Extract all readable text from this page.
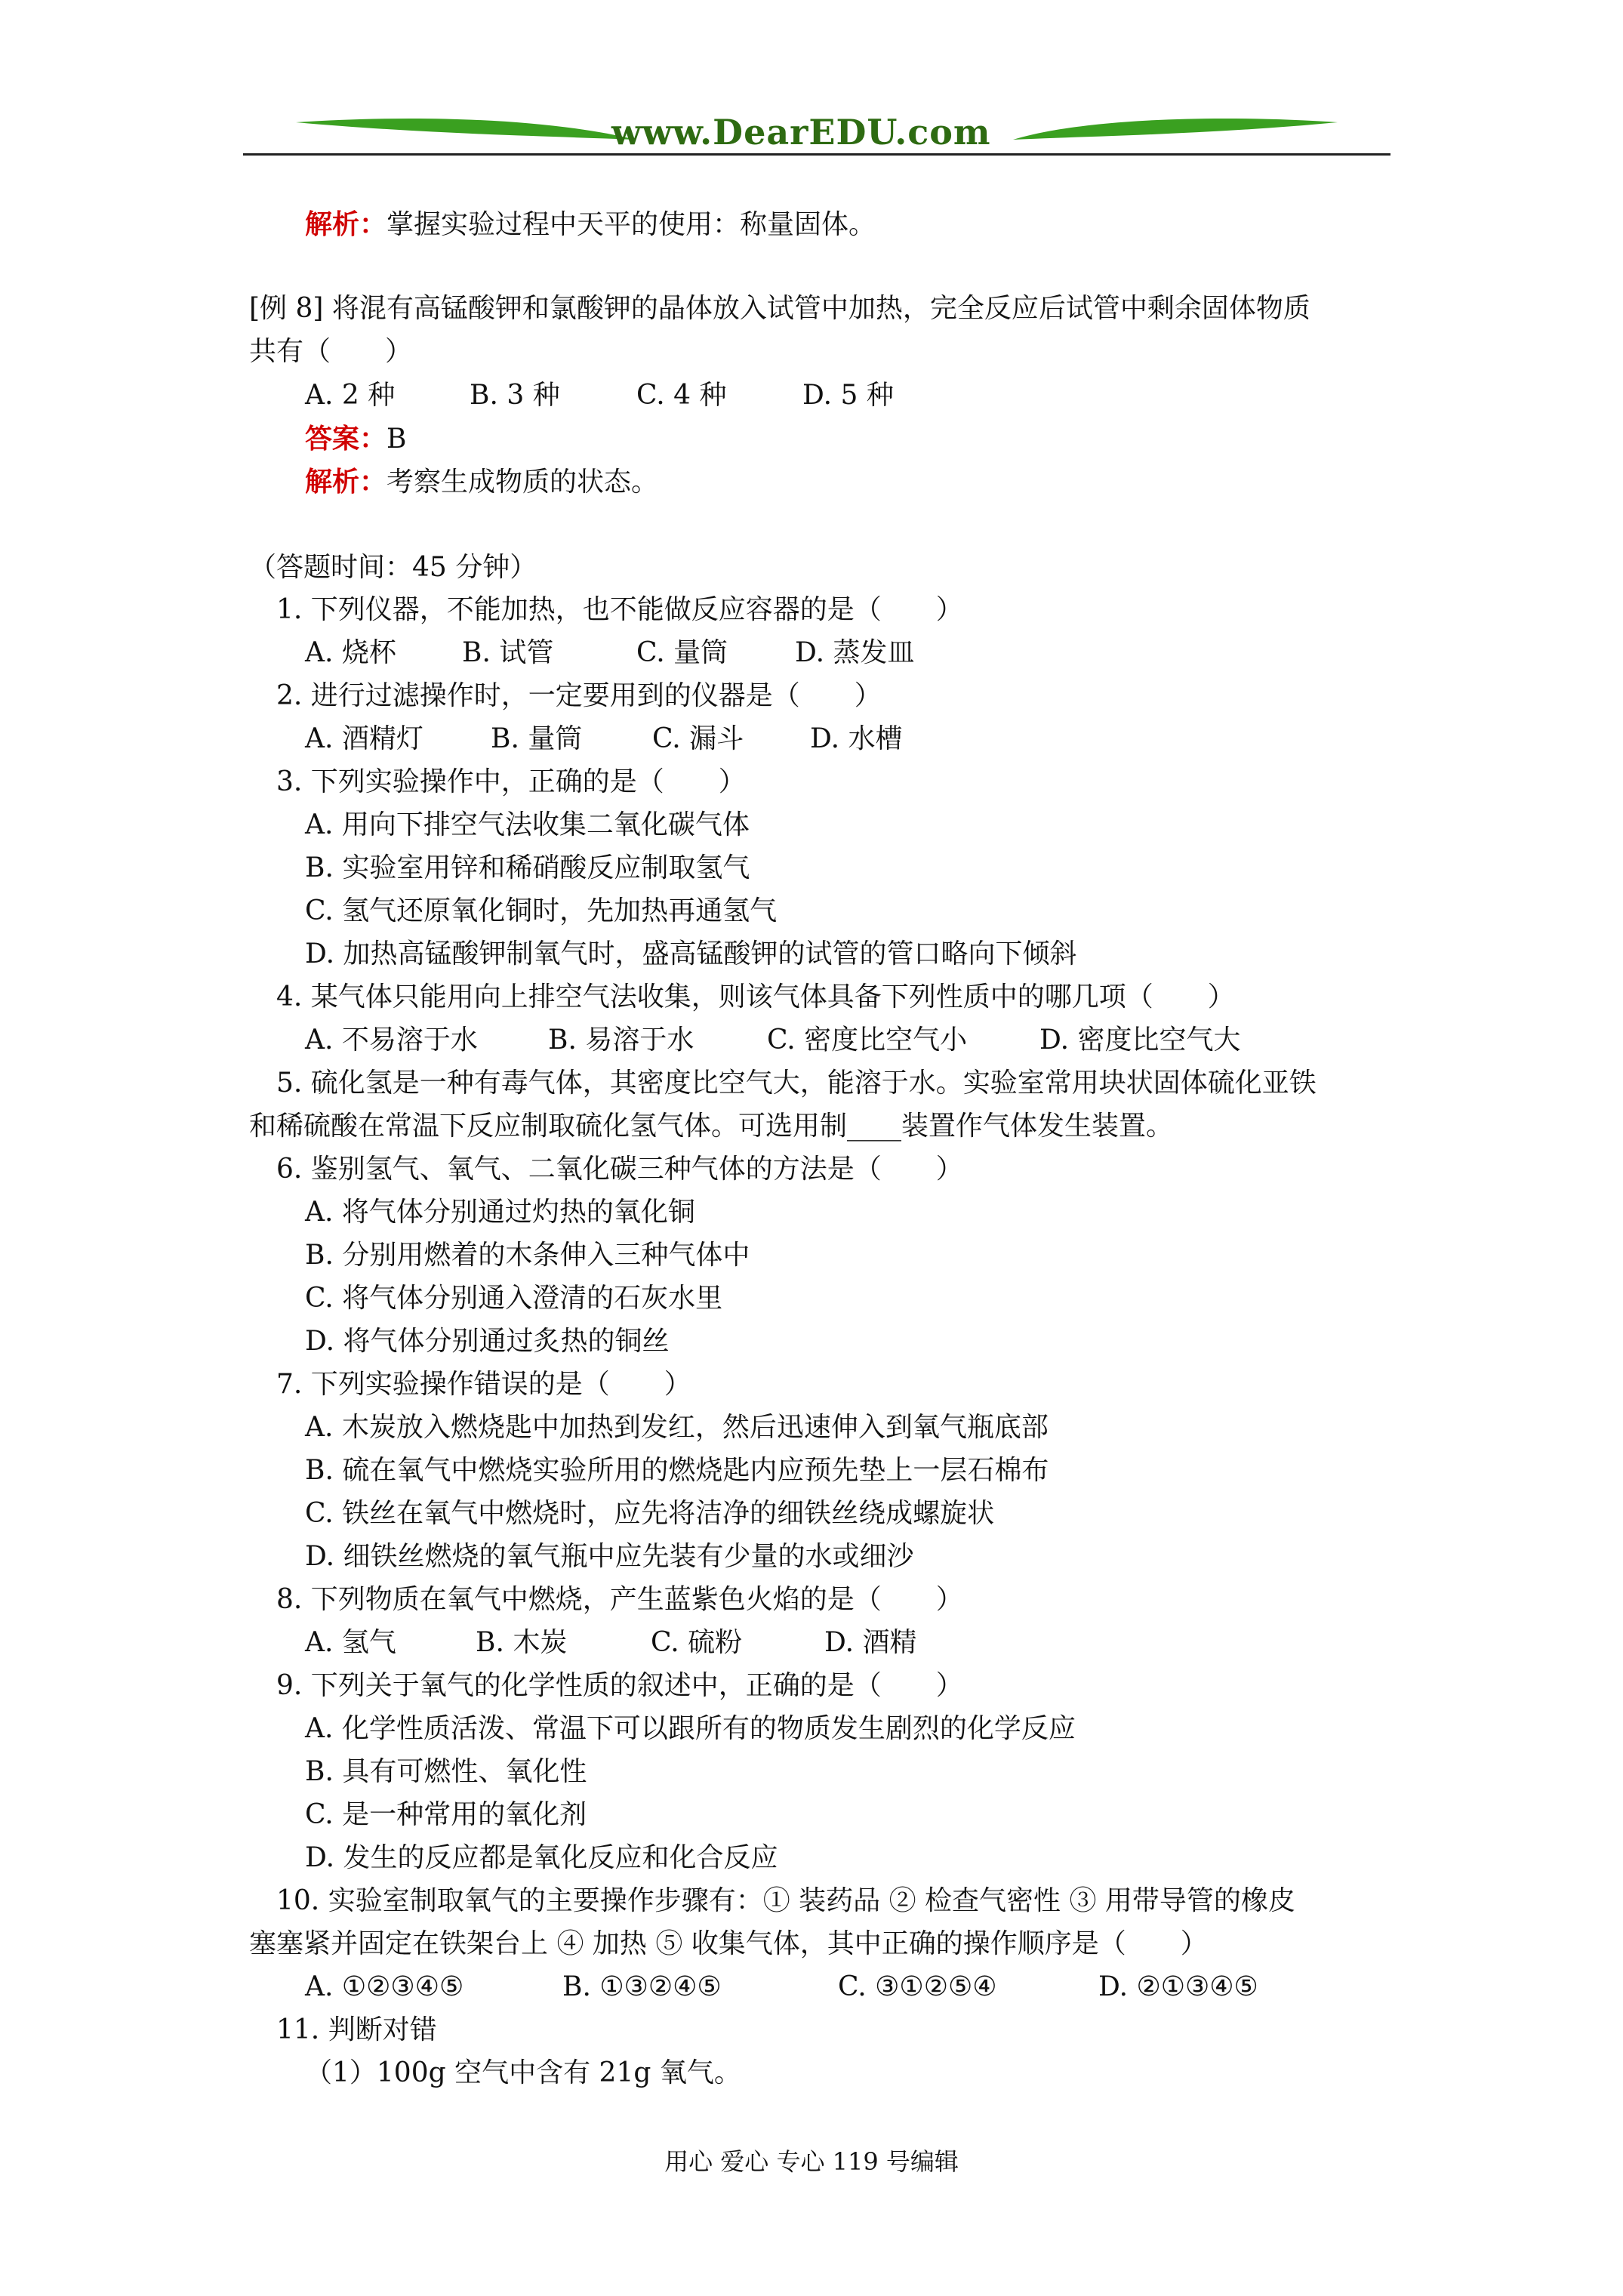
www.DearEDU.com
解析：掌握实验过程中天平的使用：称量固体。
[例 8] 将混有高锰酸钾和氯酸钾的晶体放入试管中加热，完全反应后试管中剩余固体物质
共有（　　）
A. 2 种	B. 3 种	C. 4 种	D. 5 种
答案：B
解析：考察生成物质的状态。
（答题时间：45 分钟）
1. 下列仪器，不能加热，也不能做反应容器的是（　　）
A. 烧杯 B. 试管	C. 量筒 D. 蒸发皿
2. 进行过滤操作时，一定要用到的仪器是（　　）
A. 酒精灯 B. 量筒	C. 漏斗 D. 水槽
3. 下列实验操作中，正确的是（　　）
A. 用向下排空气法收集二氧化碳气体
B. 实验室用锌和稀硝酸反应制取氢气
C. 氢气还原氧化铜时，先加热再通氢气
D. 加热高锰酸钾制氧气时，盛高锰酸钾的试管的管口略向下倾斜
4. 某气体只能用向上排空气法收集，则该气体具备下列性质中的哪几项（　　）
A. 不易溶于水	B. 易溶于水	C. 密度比空气小	D. 密度比空气大
5. 硫化氢是一种有毒气体，其密度比空气大，能溶于水。实验室常用块状固体硫化亚铁
和稀硫酸在常温下反应制取硫化氢气体。可选用制____装置作气体发生装置。
6. 鉴别氢气、氧气、二氧化碳三种气体的方法是（　　）
A. 将气体分别通过灼热的氧化铜
B. 分别用燃着的木条伸入三种气体中
C. 将气体分别通入澄清的石灰水里
D. 将气体分别通过炙热的铜丝
7. 下列实验操作错误的是（　　）
A. 木炭放入燃烧匙中加热到发红，然后迅速伸入到氧气瓶底部
B. 硫在氧气中燃烧实验所用的燃烧匙内应预先垫上一层石棉布
C. 铁丝在氧气中燃烧时，应先将洁净的细铁丝绕成螺旋状
D. 细铁丝燃烧的氧气瓶中应先装有少量的水或细沙
8. 下列物质在氧气中燃烧，产生蓝紫色火焰的是（　　）
A. 氢气	B. 木炭	C. 硫粉	D. 酒精
9. 下列关于氧气的化学性质的叙述中，正确的是（　　）
A. 化学性质活泼、常温下可以跟所有的物质发生剧烈的化学反应
B. 具有可燃性、氧化性
C. 是一种常用的氧化剂
D. 发生的反应都是氧化反应和化合反应
10. 实验室制取氧气的主要操作步骤有：① 装药品 ② 检查气密性 ③ 用带导管的橡皮
塞塞紧并固定在铁架台上 ④ 加热 ⑤ 收集气体，其中正确的操作顺序是（　　）
A. ①②③④⑤	B. ①③②④⑤	C. ③①②⑤④	D. ②①③④⑤
11. 判断对错
（1）100g 空气中含有 21g 氧气。
用心 爱心 专心 119 号编辑
